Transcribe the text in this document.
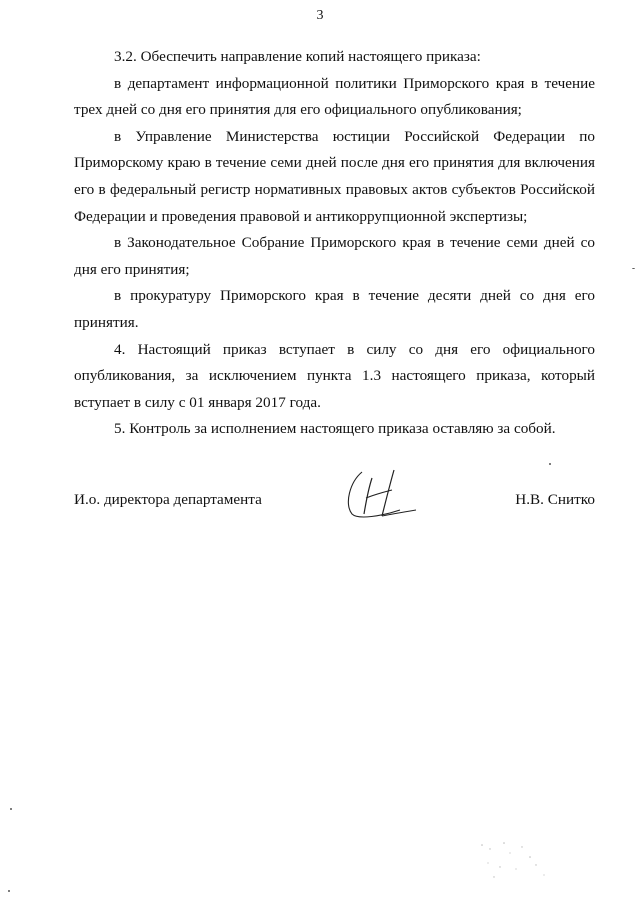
3

3.2. Обеспечить направление копий настоящего приказа:

в департамент информационной политики Приморского края в течение трех дней со дня его принятия для его официального опубликования;

в Управление Министерства юстиции Российской Федерации по Приморскому краю в течение семи дней после дня его принятия для включения его в федеральный регистр нормативных правовых актов субъектов Российской Федерации и проведения правовой и антикоррупционной экспертизы;

в Законодательное Собрание Приморского края в течение семи дней со дня его принятия;

в прокуратуру Приморского края в течение десяти дней со дня его принятия.

4. Настоящий приказ вступает в силу со дня его официального опубликования, за исключением пункта 1.3 настоящего приказа, который вступает в силу с 01 января 2017 года.

5. Контроль за исполнением настоящего приказа оставляю за собой.

И.о. директора департамента	Н.В. Снитко
